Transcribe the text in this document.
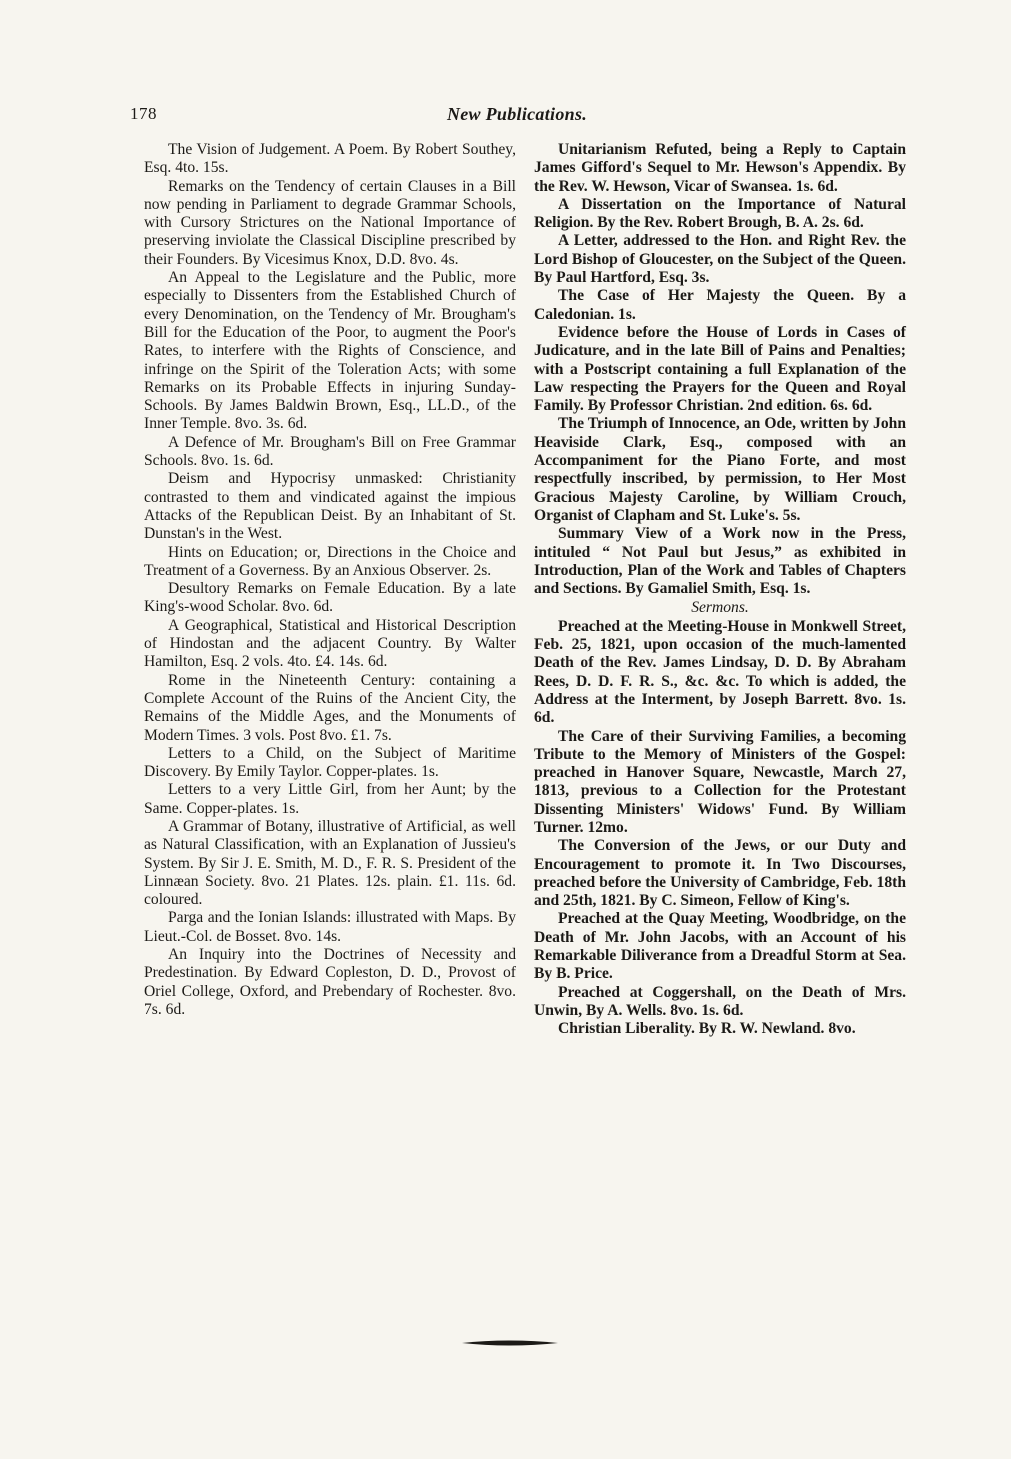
178	New Publications.

The Vision of Judgement. A Poem. By Robert Southey, Esq. 4to. 15s.

Remarks on the Tendency of certain Clauses in a Bill now pending in Parliament to degrade Grammar Schools, with Cursory Strictures on the National Importance of preserving inviolate the Classical Discipline prescribed by their Founders. By Vicesimus Knox, D.D. 8vo. 4s.

An Appeal to the Legislature and the Public, more especially to Dissenters from the Established Church of every Denomination, on the Tendency of Mr. Brougham's Bill for the Education of the Poor, to augment the Poor's Rates, to interfere with the Rights of Conscience, and infringe on the Spirit of the Toleration Acts; with some Remarks on its Probable Effects in injuring Sunday-Schools. By James Baldwin Brown, Esq., LL.D., of the Inner Temple. 8vo. 3s. 6d.

A Defence of Mr. Brougham's Bill on Free Grammar Schools. 8vo. 1s. 6d.

Deism and Hypocrisy unmasked: Christianity contrasted to them and vindicated against the impious Attacks of the Republican Deist. By an Inhabitant of St. Dunstan's in the West.

Hints on Education; or, Directions in the Choice and Treatment of a Governess. By an Anxious Observer. 2s.

Desultory Remarks on Female Education. By a late King's-wood Scholar. 8vo. 6d.

A Geographical, Statistical and Historical Description of Hindostan and the adjacent Country. By Walter Hamilton, Esq. 2 vols. 4to. £4. 14s. 6d.

Rome in the Nineteenth Century: containing a Complete Account of the Ruins of the Ancient City, the Remains of the Middle Ages, and the Monuments of Modern Times. 3 vols. Post 8vo. £1. 7s.

Letters to a Child, on the Subject of Maritime Discovery. By Emily Taylor. Copper-plates. 1s.

Letters to a very Little Girl, from her Aunt; by the Same. Copper-plates. 1s.

A Grammar of Botany, illustrative of Artificial, as well as Natural Classification, with an Explanation of Jussieu's System. By Sir J. E. Smith, M. D., F. R. S. President of the Linnæan Society. 8vo. 21 Plates. 12s. plain. £1. 11s. 6d. coloured.

Parga and the Ionian Islands: illustrated with Maps. By Lieut.-Col. de Bosset. 8vo. 14s.

An Inquiry into the Doctrines of Necessity and Predestination. By Edward Copleston, D. D., Provost of Oriel College, Oxford, and Prebendary of Rochester. 8vo. 7s. 6d.

Unitarianism Refuted, being a Reply to Captain James Gifford's Sequel to Mr. Hewson's Appendix. By the Rev. W. Hewson, Vicar of Swansea. 1s. 6d.

A Dissertation on the Importance of Natural Religion. By the Rev. Robert Brough, B. A. 2s. 6d.

A Letter, addressed to the Hon. and Right Rev. the Lord Bishop of Gloucester, on the Subject of the Queen. By Paul Hartford, Esq. 3s.

The Case of Her Majesty the Queen. By a Caledonian. 1s.

Evidence before the House of Lords in Cases of Judicature, and in the late Bill of Pains and Penalties; with a Postscript containing a full Explanation of the Law respecting the Prayers for the Queen and Royal Family. By Professor Christian. 2nd edition. 6s. 6d.

The Triumph of Innocence, an Ode, written by John Heaviside Clark, Esq., composed with an Accompaniment for the Piano Forte, and most respectfully inscribed, by permission, to Her Most Gracious Majesty Caroline, by William Crouch, Organist of Clapham and St. Luke's. 5s.

Summary View of a Work now in the Press, intituled “ Not Paul but Jesus,” as exhibited in Introduction, Plan of the Work and Tables of Chapters and Sections. By Gamaliel Smith, Esq. 1s.

Sermons.

Preached at the Meeting-House in Monkwell Street, Feb. 25, 1821, upon occasion of the much-lamented Death of the Rev. James Lindsay, D. D. By Abraham Rees, D. D. F. R. S., &c. &c. To which is added, the Address at the Interment, by Joseph Barrett. 8vo. 1s. 6d.

The Care of their Surviving Families, a becoming Tribute to the Memory of Ministers of the Gospel: preached in Hanover Square, Newcastle, March 27, 1813, previous to a Collection for the Protestant Dissenting Ministers' Widows' Fund. By William Turner. 12mo.

The Conversion of the Jews, or our Duty and Encouragement to promote it. In Two Discourses, preached before the University of Cambridge, Feb. 18th and 25th, 1821. By C. Simeon, Fellow of King's.

Preached at the Quay Meeting, Woodbridge, on the Death of Mr. John Jacobs, with an Account of his Remarkable Diliverance from a Dreadful Storm at Sea. By B. Price.

Preached at Coggershall, on the Death of Mrs. Unwin, By A. Wells. 8vo. 1s. 6d.

Christian Liberality. By R. W. Newland. 8vo.
